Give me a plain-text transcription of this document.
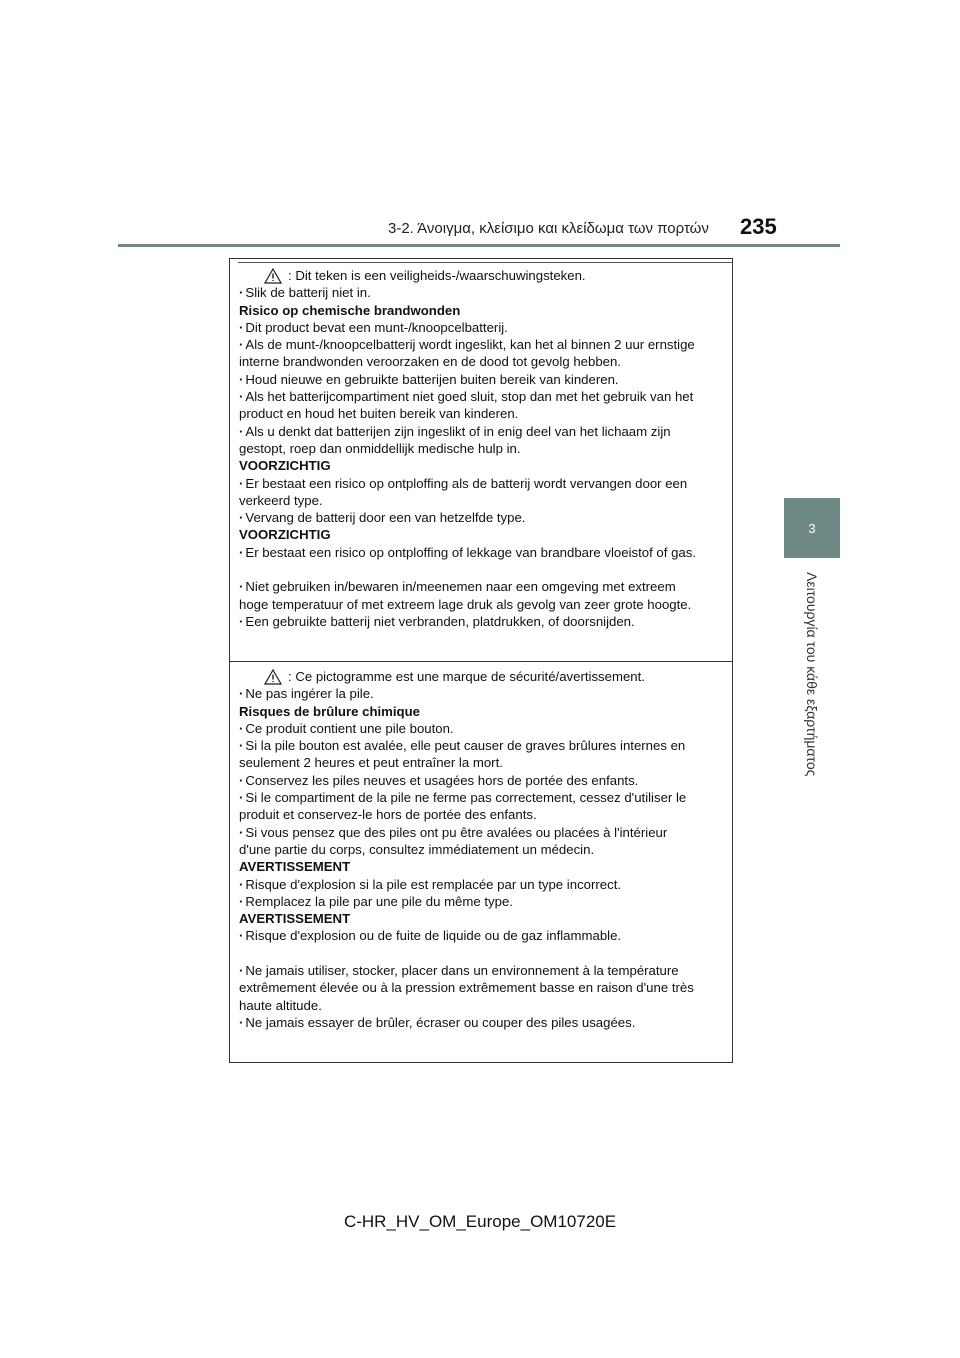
3-2. Άνοιγμα, κλείσιμο και κλείδωμα των πορτών 235
3
Λειτουργία του κάθε εξαρτήματος
: Dit teken is een veiligheids-/waarschuwingsteken.
· Slik de batterij niet in.
Risico op chemische brandwonden
· Dit product bevat een munt-/knoopcelbatterij.
· Als de munt-/knoopcelbatterij wordt ingeslikt, kan het al binnen 2 uur ernstige
interne brandwonden veroorzaken en de dood tot gevolg hebben.
· Houd nieuwe en gebruikte batterijen buiten bereik van kinderen.
· Als het batterijcompartiment niet goed sluit, stop dan met het gebruik van het
product en houd het buiten bereik van kinderen.
· Als u denkt dat batterijen zijn ingeslikt of in enig deel van het lichaam zijn
gestopt, roep dan onmiddellijk medische hulp in.
VOORZICHTIG
· Er bestaat een risico op ontploffing als de batterij wordt vervangen door een
verkeerd type.
· Vervang de batterij door een van hetzelfde type.
VOORZICHTIG
· Er bestaat een risico op ontploffing of lekkage van brandbare vloeistof of gas.
· Niet gebruiken in/bewaren in/meenemen naar een omgeving met extreem
hoge temperatuur of met extreem lage druk als gevolg van zeer grote hoogte.
· Een gebruikte batterij niet verbranden, platdrukken, of doorsnijden.
: Ce pictogramme est une marque de sécurité/avertissement.
· Ne pas ingérer la pile.
Risques de brûlure chimique
· Ce produit contient une pile bouton.
· Si la pile bouton est avalée, elle peut causer de graves brûlures internes en
seulement 2 heures et peut entraîner la mort.
· Conservez les piles neuves et usagées hors de portée des enfants.
· Si le compartiment de la pile ne ferme pas correctement, cessez d'utiliser le
produit et conservez-le hors de portée des enfants.
· Si vous pensez que des piles ont pu être avalées ou placées à l'intérieur
d'une partie du corps, consultez immédiatement un médecin.
AVERTISSEMENT
· Risque d'explosion si la pile est remplacée par un type incorrect.
· Remplacez la pile par une pile du même type.
AVERTISSEMENT
· Risque d'explosion ou de fuite de liquide ou de gaz inflammable.
· Ne jamais utiliser, stocker, placer dans un environnement à la température
extrêmement élevée ou à la pression extrêmement basse en raison d'une très
haute altitude.
· Ne jamais essayer de brûler, écraser ou couper des piles usagées.
C-HR_HV_OM_Europe_OM10720E
